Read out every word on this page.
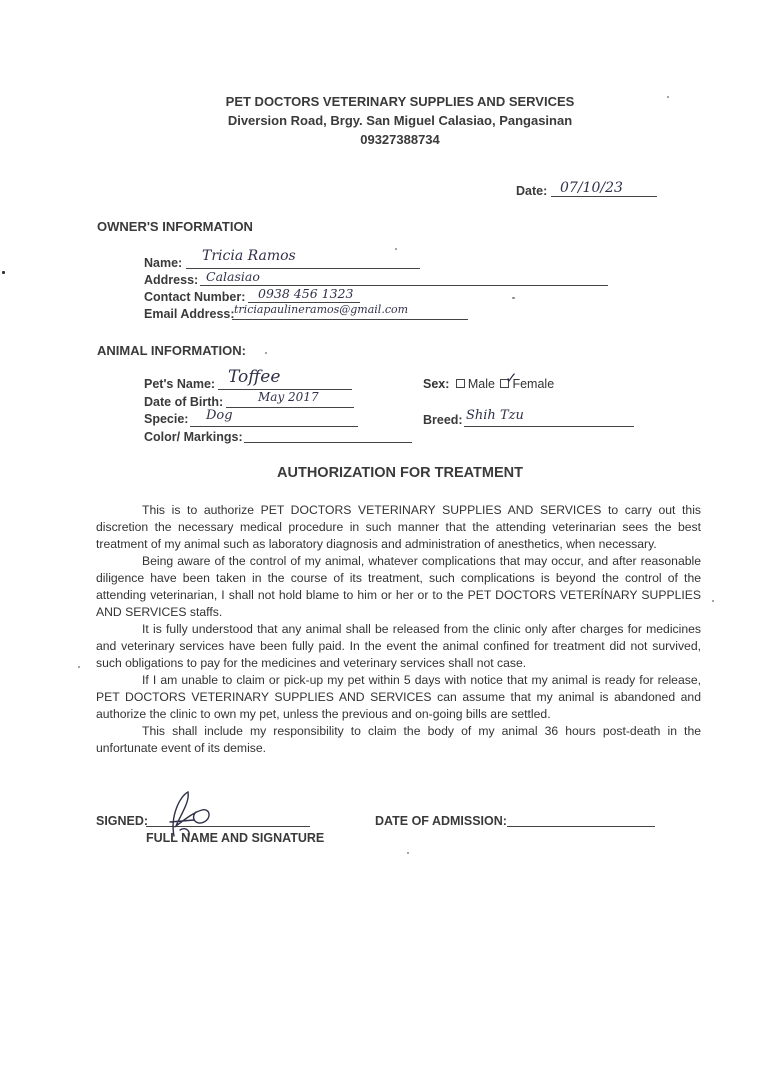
PET DOCTORS VETERINARY SUPPLIES AND SERVICES
Diversion Road, Brgy. San Miguel Calasiao, Pangasinan
09327388734
Date: 07/10/23
OWNER'S INFORMATION
Name: Tricia Ramos
Address: Calasiao
Contact Number: 0938 456 1323
Email Address: triciapaulineramos@gmail.com
ANIMAL INFORMATION:
Pet's Name: Toffee
Date of Birth:	May 2017
Specie: Dog
Color/ Markings:
Sex: Male Female
✓
Breed: Shih Tzu
AUTHORIZATION FOR TREATMENT

This is to authorize PET DOCTORS VETERINARY SUPPLIES AND SERVICES to carry out this discretion the necessary medical procedure in such manner that the attending veterinarian sees the best treatment of my animal such as laboratory diagnosis and administration of anesthetics, when necessary.

Being aware of the control of my animal, whatever complications that may occur, and after reasonable diligence have been taken in the course of its treatment, such complications is beyond the control of the attending veterinarian, I shall not hold blame to him or her or to the PET DOCTORS VETERÍNARY SUPPLIES AND SERVICES staffs.

It is fully understood that any animal shall be released from the clinic only after charges for medicines and veterinary services have been fully paid. In the event the animal confined for treatment did not survived, such obligations to pay for the medicines and veterinary services shall not case.

If I am unable to claim or pick-up my pet within 5 days with notice that my animal is ready for release, PET DOCTORS VETERINARY SUPPLIES AND SERVICES can assume that my animal is abandoned and authorize the clinic to own my pet, unless the previous and on-going bills are settled.

This shall include my responsibility to claim the body of my animal 36 hours post-death in the unfortunate event of its demise.

SIGNED:
FULL NAME AND SIGNATURE
DATE OF ADMISSION:
